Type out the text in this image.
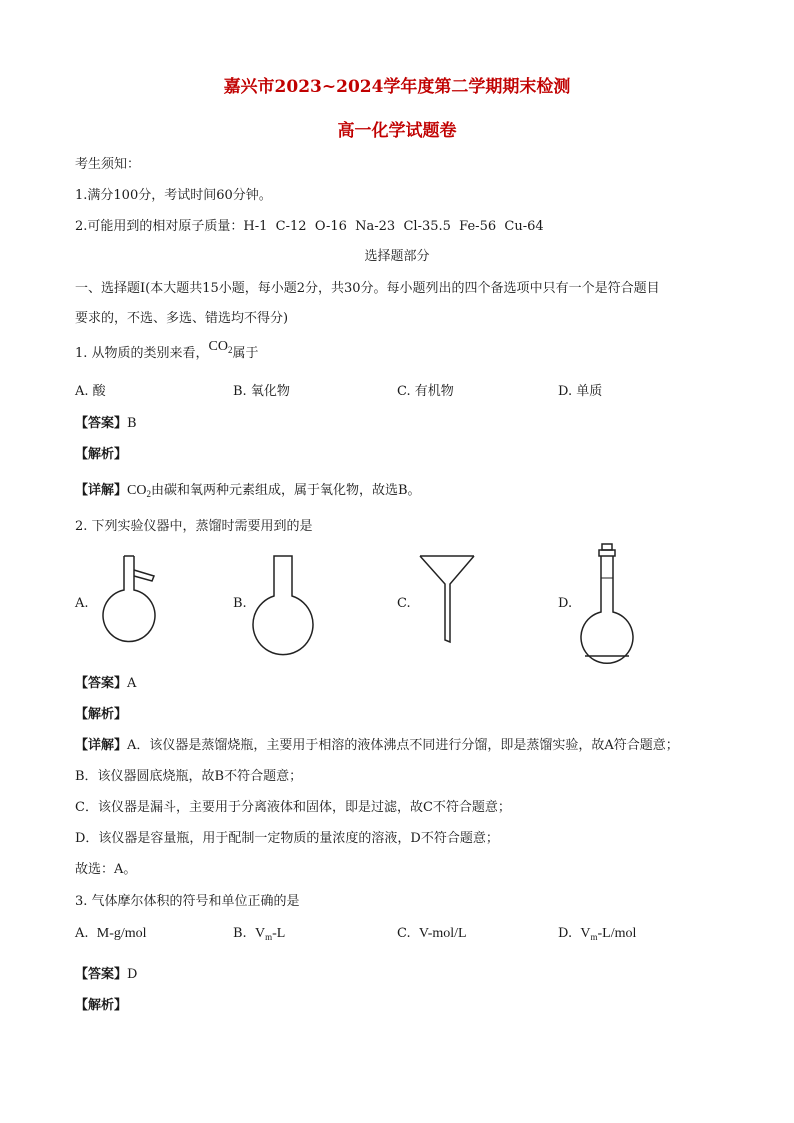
嘉兴市2023~2024学年度第二学期期末检测
高一化学试题卷
考生须知：
1.满分100分，考试时间60分钟。
2.可能用到的相对原子质量：H-1  C-12  O-16  Na-23  Cl-35.5  Fe-56  Cu-64
选择题部分
一、选择题Ⅰ(本大题共15小题，每小题2分，共30分。每小题列出的四个备选项中只有一个是符合题目
要求的，不选、多选、错选均不得分)
1. 从物质的类别来看，$CO_2$属于
A. 酸	B. 氧化物	C. 有机物	D. 单质
【答案】B
【解析】
【详解】$CO_2$由碳和氧两种元素组成，属于氧化物，故选B。
2. 下列实验仪器中，蒸馏时需要用到的是
A.	B.	C.	D.
【答案】A
【解析】
【详解】A．该仪器是蒸馏烧瓶，主要用于相溶的液体沸点不同进行分馏，即是蒸馏实验，故A符合题意；
B．该仪器圆底烧瓶，故B不符合题意；
C．该仪器是漏斗，主要用于分离液体和固体，即是过滤，故C不符合题意；
D．该仪器是容量瓶，用于配制一定物质的量浓度的溶液，D不符合题意；
故选：A。
3. 气体摩尔体积的符号和单位正确的是
A. M-g/mol	B. $V_m-L$	C. V-mol/L	D. $V_m-L$/mol
【答案】D
【解析】
